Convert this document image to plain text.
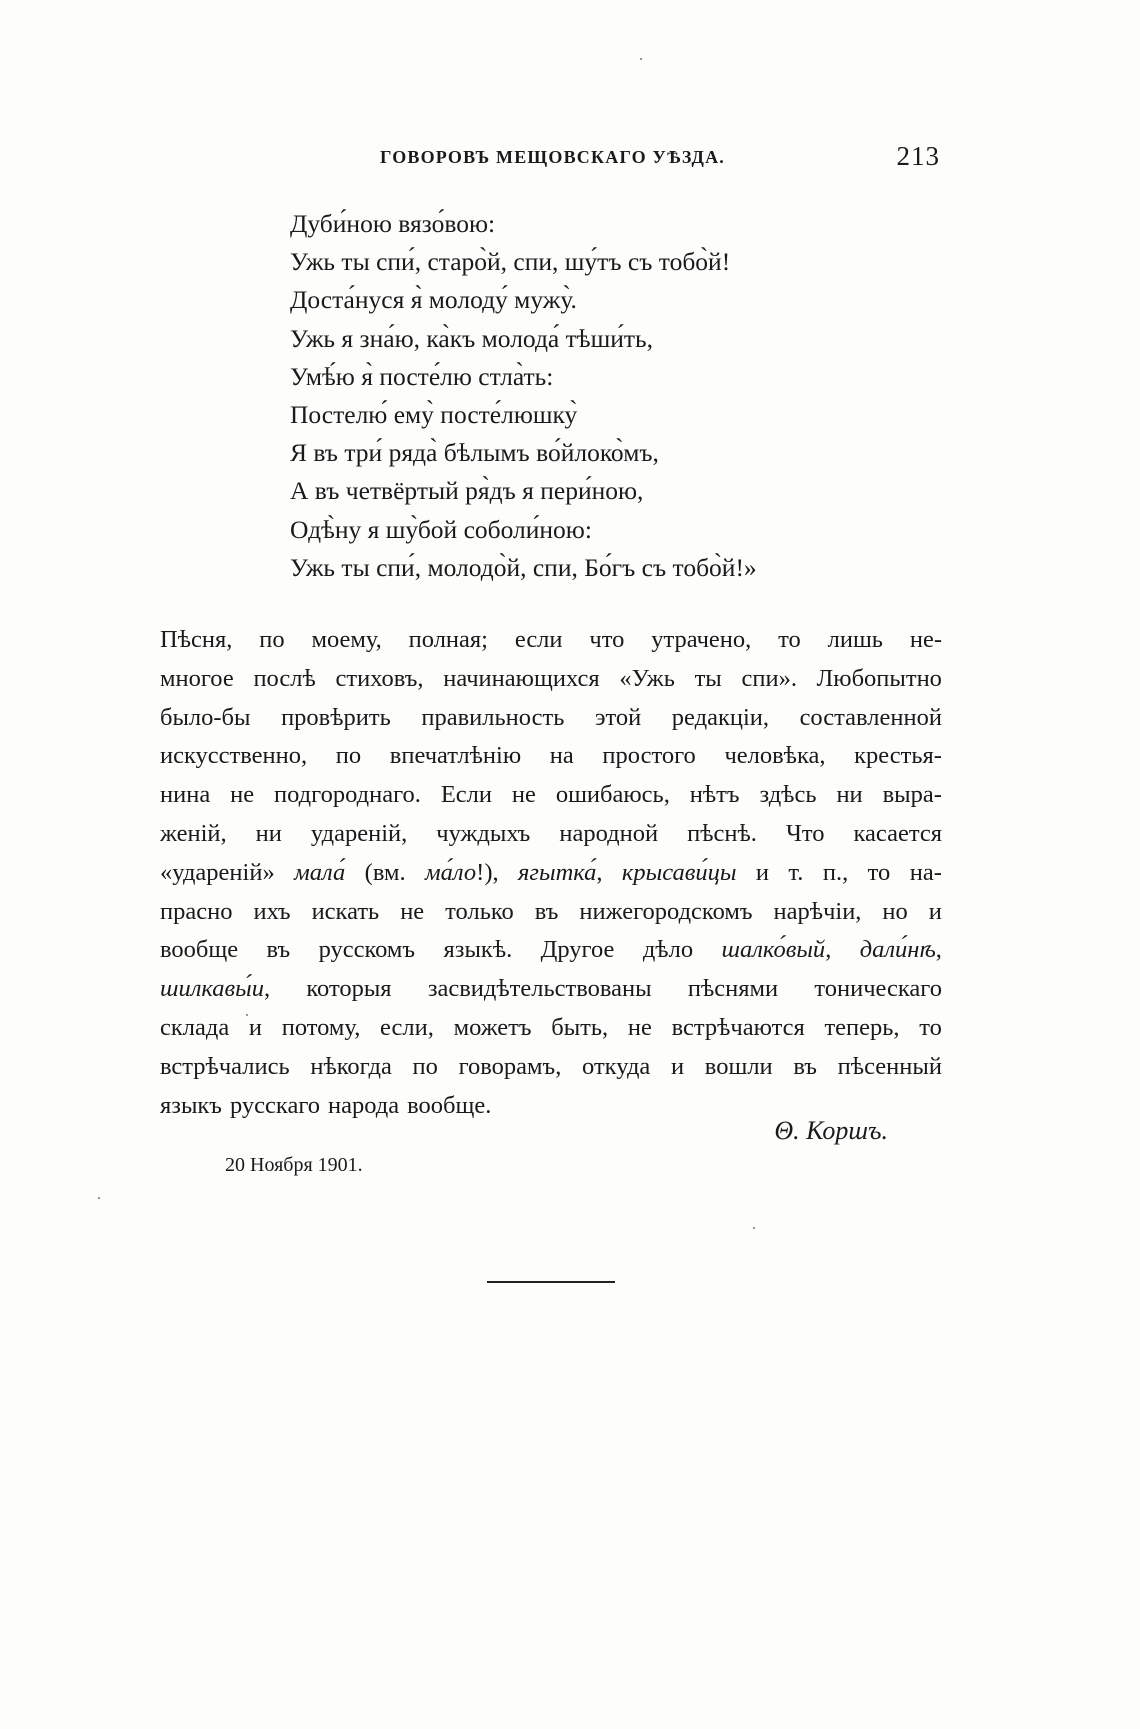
ГОВОРОВЪ МЕЩОВСКАГО УѢЗДА.	213
Дуби́ною вязо́вою:
Ужь ты спи́, старо̀й, спи, шу́тъ съ тобо̀й!
Доста́нуся я̀ молоду́ мужу̀.
Ужь я зна́ю, ка̀къ молода́ тѣши́ть,
Умѣ́ю я̀ посте́лю стла̀ть:
Постелю́ ему̀ посте́люшку̀
Я въ три́ ряда̀ бѣлымъ во́йлоко̀мъ,
А въ четвёртый ря̀дъ я пери́ною,
Одѣ̀ну я шу̀бой соболи́ною:
Ужь ты спи́, молодо̀й, спи, Бо́гъ съ тобо̀й!»
Пѣсня, по моему, полная; если что утрачено, то лишь не-
многое послѣ стиховъ, начинающихся «Ужь ты спи». Любопытно
было-бы провѣрить правильность этой редакціи, составленной
искусственно, по впечатлѣнію на простого человѣка, крестья-
нина не подгороднаго. Если не ошибаюсь, нѣтъ здѣсь ни выра-
женій, ни удареній, чуждыхъ народной пѣснѣ. Что касается
«удареній» мала́ (вм. ма́ло!), ягытка́, крысави́цы и т. п., то на-
прасно ихъ искать не только въ нижегородскомъ нарѣчіи, но и
вообще въ русскомъ языкѣ. Другое дѣло шалко́вый, дали́нѣ,
шилкавы́и, которыя засвидѣтельствованы пѣснями тоническаго
склада и потому, если, можетъ быть, не встрѣчаются теперь, то
встрѣчались нѣкогда по говорамъ, откуда и вошли въ пѣсенный
языкъ русскаго народа вообще.
Θ. Коршъ.
20 Ноября 1901.
